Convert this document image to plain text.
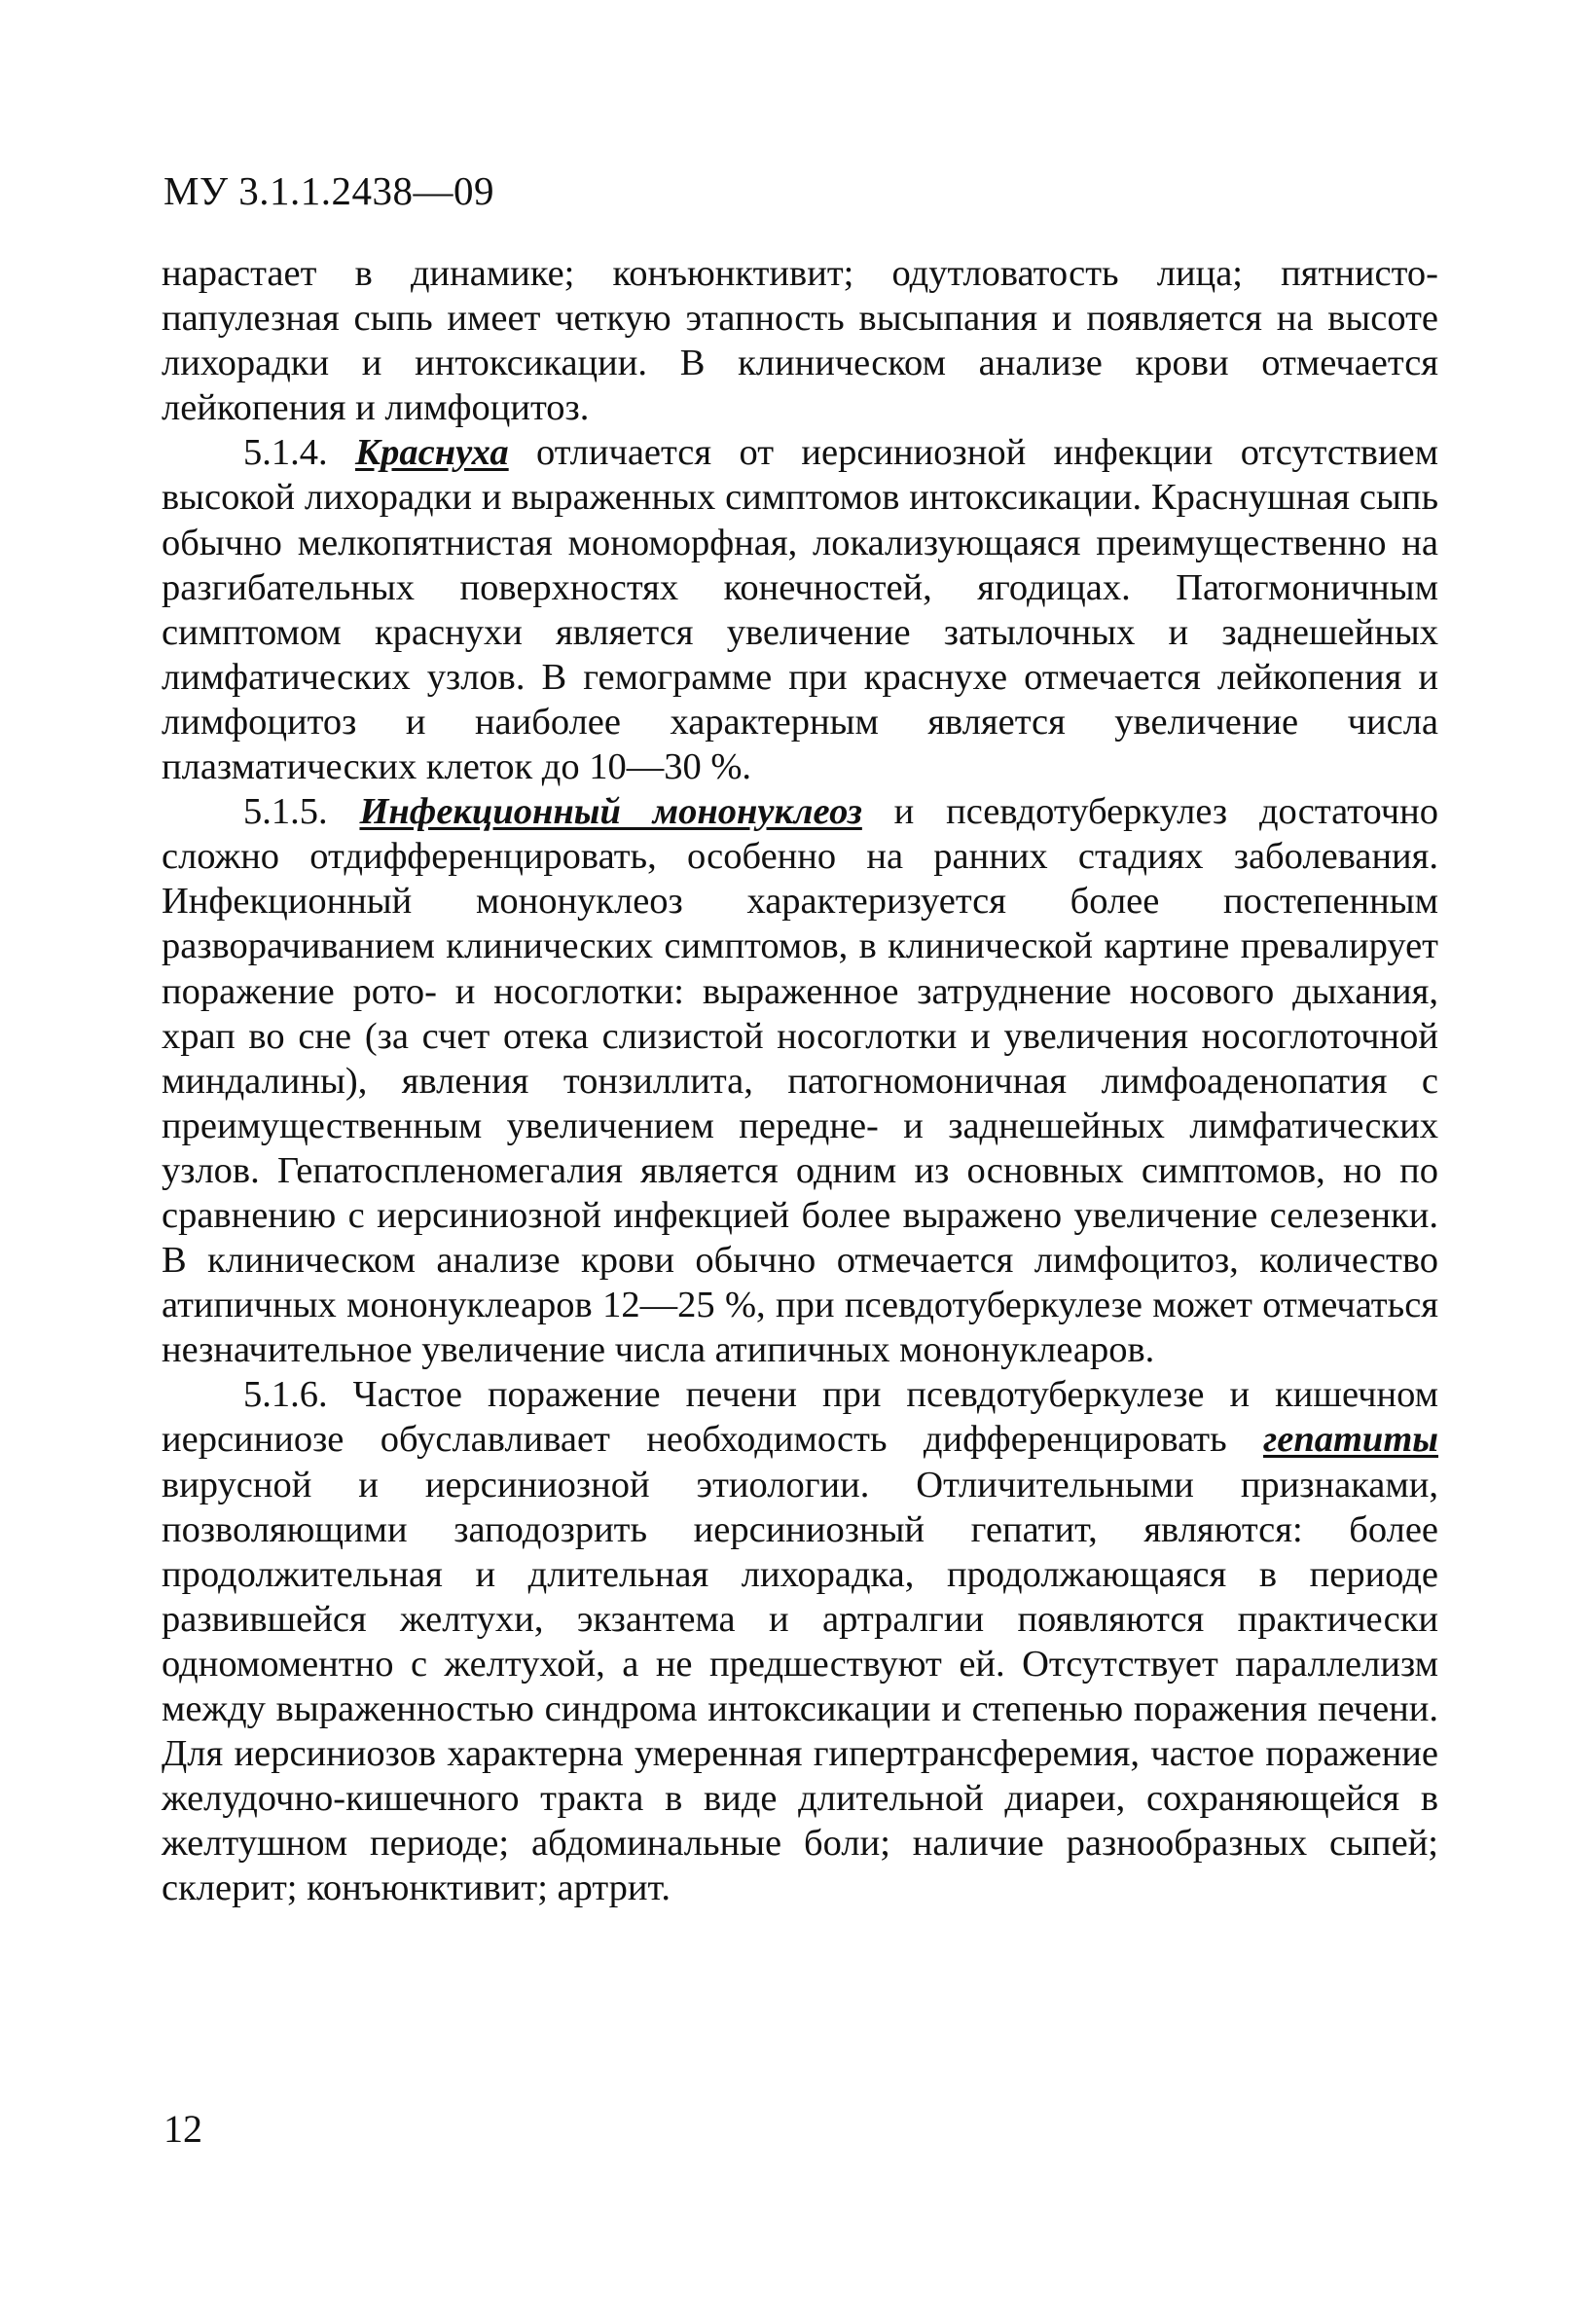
МУ 3.1.1.2438—09

нарастает в динамике; конъюнктивит; одутловатость лица; пятнисто-папулезная сыпь имеет четкую этапность высыпания и появляется на высоте лихорадки и интоксикации. В клиническом анализе крови отмечается лейкопения и лимфоцитоз.

5.1.4. Краснуха отличается от иерсиниозной инфекции отсутствием высокой лихорадки и выраженных симптомов интоксикации. Краснушная сыпь обычно мелкопятнистая мономорфная, локализующаяся преимущественно на разгибательных поверхностях конечностей, ягодицах. Патогмоничным симптомом краснухи является увеличение затылочных и заднешейных лимфатических узлов. В гемограмме при краснухе отмечается лейкопения и лимфоцитоз и наиболее характерным является увеличение числа плазматических клеток до 10—30 %.

5.1.5. Инфекционный мононуклеоз и псевдотуберкулез достаточно сложно отдифференцировать, особенно на ранних стадиях заболевания. Инфекционный мононуклеоз характеризуется более постепенным разворачиванием клинических симптомов, в клинической картине превалирует поражение рото- и носоглотки: выраженное затруднение носового дыхания, храп во сне (за счет отека слизистой носоглотки и увеличения носоглоточной миндалины), явления тонзиллита, патогномоничная лимфоаденопатия с преимущественным увеличением передне- и заднешейных лимфатических узлов. Гепатоспленомегалия является одним из основных симптомов, но по сравнению с иерсиниозной инфекцией более выражено увеличение селезенки. В клиническом анализе крови обычно отмечается лимфоцитоз, количество атипичных мононуклеаров 12—25 %, при псевдотуберкулезе может отмечаться незначительное увеличение числа атипичных мононуклеаров.

5.1.6. Частое поражение печени при псевдотуберкулезе и кишечном иерсиниозе обуславливает необходимость дифференцировать гепатиты вирусной и иерсиниозной этиологии. Отличительными признаками, позволяющими заподозрить иерсиниозный гепатит, являются: более продолжительная и длительная лихорадка, продолжающаяся в периоде развившейся желтухи, экзантема и артралгии появляются практически одномоментно с желтухой, а не предшествуют ей. Отсутствует параллелизм между выраженностью синдрома интоксикации и степенью поражения печени. Для иерсиниозов характерна умеренная гипертрансферемия, частое поражение желудочно-кишечного тракта в виде длительной диареи, сохраняющейся в желтушном периоде; абдоминальные боли; наличие разнообразных сыпей; склерит; конъюнктивит; артрит.

12
